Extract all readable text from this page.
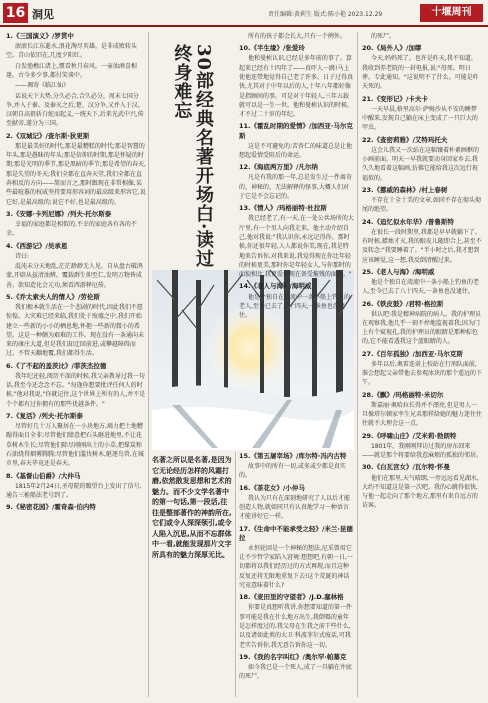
16 洞见	责任编辑:黄莉生 版式:陈小艳 2023.12.29	十堰周刊
1.《三国演义》/罗贯中

滚滚长江东逝水,浪花淘尽英雄。是非成败转头空。青山依旧在,几度夕阳红。

白发渔樵江渚上,惯看秋月春风。一壶浊酒喜相逢。古今多少事,都付笑谈中。

——调寄《临江仙》

话说天下大势,分久必合,合久必分。周末七国分争,并入于秦。及秦灭之后,楚、汉分争,又并入于汉。汉朝自高祖斩白蛇而起义,一统天下,后来光武中兴,传至献帝,遂分为三国。

2.《双城记》/查尔斯·狄更斯

那是最美好的时代,那是最糟糕的时代;那是智慧的年头,那是愚昧的年头;那是信仰的时期,那是怀疑的时期;那是光明的季节,那是黑暗的季节;那是希望的春天,那是失望的冬天;我们全都在直奔天堂,我们全都在直奔相反的方向——简而言之,那时跟现在非常相像,某些最喧嚣的权威坚持要用形容词的最高级来形容它,说它好,是最高级的;说它不好,也是最高级的。

3.《安娜·卡列尼娜》/列夫·托尔斯泰

幸福的家庭都是相似的,不幸的家庭各有各的不幸。

4.《西游记》/吴承恩

诗曰:

混沌未分天地乱,茫茫渺渺无人见。自从盘古破鸿蒙,开辟从兹清浊辨。覆载群生仰至仁,发明万物皆成善。欲知造化会元功,须看西游释厄传。

5.《乔太索夫人的情人》/劳伦斯

我们根本就生活在一个悲剧的时代,因此我们不愿惊惶。大灾难已经来临,我们处于废墟之中,我们开始建立一些新的小小的栖息地,怀抱一些新的微小的希望。这是一种颇为艰难的工作。现在没有一条通向未来的康庄大道,但是我们却迂回前进,或攀越障碍而过。不管天翻地覆,我们都得生活。

6.《了不起的盖茨比》/菲茨杰拉德

我年纪还轻,阅历不深的时候,我父亲教导过我一句话,我至今还念念不忘。"每逢你想要批评任何人的时候,"他对我说,"你就记住,这个世界上所有的人,并不是个个都有过你拥有的那些优越条件。"

7.《复活》/列夫·托尔斯泰

尽管好几十万人聚居在一小块地方,竭力把土地糟蹋得面目全非;尽管他们肆意把石头砸进地里,不让花草树木生长;尽管他们除尽刚刚出土的小草,把煤炭和石油烧得烟雾腾腾;尽管他们滥伐树木,驱逐鸟兽,在城市里,春天毕竟还是春天。

8.《基督山伯爵》/大仲马

1815年2月24日,圣母院的瞭望台上发出了信号,通告三桅船法老号到了。

9.《秘密花园》/霍奇森·伯内特
30部经典名著开场白·读过终身难忘
名著之所以是名著,是因为它无论经历怎样的风霜打磨,依然散发思想和艺术的魅力。而不少文学名著中的第一句话,第一段话,往往是整部著作的神韵所在,它们或令人深深领引,或令人陷入沉思,从而不忘群体中一看,就能发现那片文字所具有的魅力深厚无比。

所有的孩子都会长大,只有一个例外。

10.《半生缘》/张爱玲

他和曼桢认识,已经是多年前的事了。算起来已经有十四年了——真吓人一跳!马上使他连带地觉得自己老了许多。日子过得真快,尤其对于中年以后的人,十年八年都好像是指顾间的事。可是对于年轻人,三年五载就可以是一生一世。他和曼桢认识的时候,才不过二十岁的年纪。

11.《霍乱时期的爱情》/加西亚·马尔克斯

这是不可避免的:苦杏仁的味道总是让他想起爱情受阻后的命运。

12.《海底两万里》/凡尔纳

凡是有我的那一年,总是发生过一件离奇的、神秘的、无法解释的怪事,大概人们对于它是不会忘记的。

13.《情人》/玛格丽特·杜拉斯

我已经老了,有一天,在一处公共场所的大厅里,有一个男人向我走来。他主动介绍自己,他对我说:"我认识你,永远记得你。那时候,你还很年轻,人人都说你美,现在,我是特地来告诉你,对我来说,我觉得现在你比年轻的时候更美,那时你是年轻女人,与你那时的面貌相比,我更爱你现在备受摧残的面容。"

14.《老人与海》/海明威

他是个独自在湾流中一条小船上钓鱼的老人,至今已去了八十四天,一条鱼也没逮住。

15.《第五屠宰场》/库尔特·冯内古特

故事中的所有一切,或多或少都是真实的。

16.《茶花女》/小仲马

我认为只有在深刻地研究了人以后才能创造人物,就如同只有认真地学习一种语言才能讲好它一样。

17.《生命中不能承受之轻》/米兰·昆德拉

永恒轮回是一个神秘的想法,尼采曾用它让不少哲学家陷入窘境:想想吧,有朝一日,一切都将以我们经历过的方式再现,而且这种反复还将无限地重复下去!这个荒诞的神话究竟意味着什么?

18.《麦田里的守望者》/J.D.塞林格

你要是真想听我讲,你想要知道的第一件事可能是我在什么地方出生,我倒霉的童年是怎样度过的,我父母在生我之前干些什么,以及诸如此类的大卫·科波菲尔式废话,可我老实告诉你,我无意告诉你这一切。

19.《我的名字叫红》/奥尔罕·帕慕克

如今我已是一个死人,成了一具躺在井底的死尸。

的死尸。

20.《局外人》/加缪

今天,妈妈死了。也许是昨天,我不知道。我收到养老院的一封电报,说:"母死。明日葬。专此通知。"这说明不了什么。可能是昨天死的。

21.《变形记》/卡夫卡

一天早晨,格里高尔·萨姆沙从不安的睡梦中醒来,发现自己躺在床上变成了一只巨大的甲虫。

22.《查密莉雅》/艾特玛托夫

这会儿我又一次站在这幅镶着朴素画框的小画前面。明天一早我就要动身回家乡去,我久久地看着这幅画,仿佛它能给我这次远行祝福似的。

23.《挪威的森林》/村上春树

不存在十全十美的文章,如同不存在彻头彻尾的绝望。

24.《追忆似水年华》/普鲁斯特

在很长一段时期里,我都是早早就躺下了。有时候,蜡烛才灭,我的眼皮儿随即合上,甚至不及转念:"我要睡着了。"半小时之后,我才想到应该睡觉,这一想,我反倒清醒过来。

25.《老人与海》/海明威

他是个独自在湾流中一条小船上钓鱼的老人,至今已去了八十四天,一条鱼也没逮住。

26.《铁皮鼓》/君特·格拉斯

供认吧:我是精神病院的病人。我的护理员在观察我,他几乎一刻不停地监视着我;因为门上有个窥视孔,我的护理员的眼睛是那种棕色的,它不能看透我这个蓝眼睛的人。

27.《百年孤独》/加西亚·马尔克斯

多年以后,奥雷连诺上校站在行刑队面前,准会想起父亲带他去参观冰块的那个遥远的下午。

28.《飘》/玛格丽特·米切尔

斯嘉丽·奥哈拉长得并不漂亮,但是男人一旦像塔尔顿家孪生兄弟那样给她的魅力迷住往往就不大理会这一点。

29.《呼啸山庄》/艾米莉·勃朗特

1801年。我刚刚拜访过我的房东回来——就是那个将要给我惹麻烦的孤独的邻居。

30.《白瓦宫女》/瓦尔特·怀曼

他们在那里,天气晴朗,一旁远远看见湖水,大约不知道这是第一次吧。我的心跳得很快,与他一起走向了那个地方,那里有来自远方的访客。
